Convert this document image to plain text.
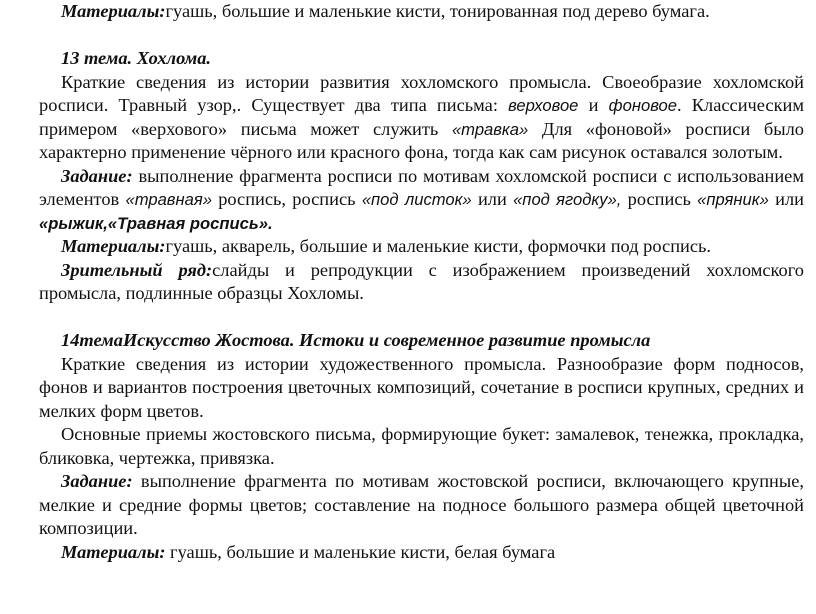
Материалы:гуашь, большие и маленькие кисти, тонированная под дерево бумага.

13 тема. Хохлома.

Краткие сведения из истории развития хохломского промысла. Своеобразие хохломской росписи. Травный узор,. Существует два типа письма: верховое и фоновое. Классическим примером «верхового» письма может служить «травка» Для «фоновой» росписи было характерно применение чёрного или красного фона, тогда как сам рисунок оставался золотым.

Задание: выполнение фрагмента росписи по мотивам хохломской росписи с использованием элементов «травная» роспись, роспись «под листок» или «под ягодку», роспись «пряник» или «рыжик,«Травная роспись».

Материалы:гуашь, акварель, большие и маленькие кисти, формочки под роспись.

Зрительный ряд:слайды и репродукции с изображением произведений хохломского промысла, подлинные образцы Хохломы.

14темаИскусство Жостова. Истоки и современное развитие промысла

Краткие сведения из истории художественного промысла. Разнообразие форм подносов, фонов и вариантов построения цветочных композиций, сочетание в росписи крупных, средних и мелких форм цветов.

Основные приемы жостовского письма, формирующие букет: замалевок, тенежка, прокладка, бликовка, чертежка, привязка.

Задание: выполнение фрагмента по мотивам жостовской росписи, включающего крупные, мелкие и средние формы цветов; составление на подносе большого размера общей цветочной композиции.

Материалы: гуашь, большие и маленькие кисти, белая бумага
